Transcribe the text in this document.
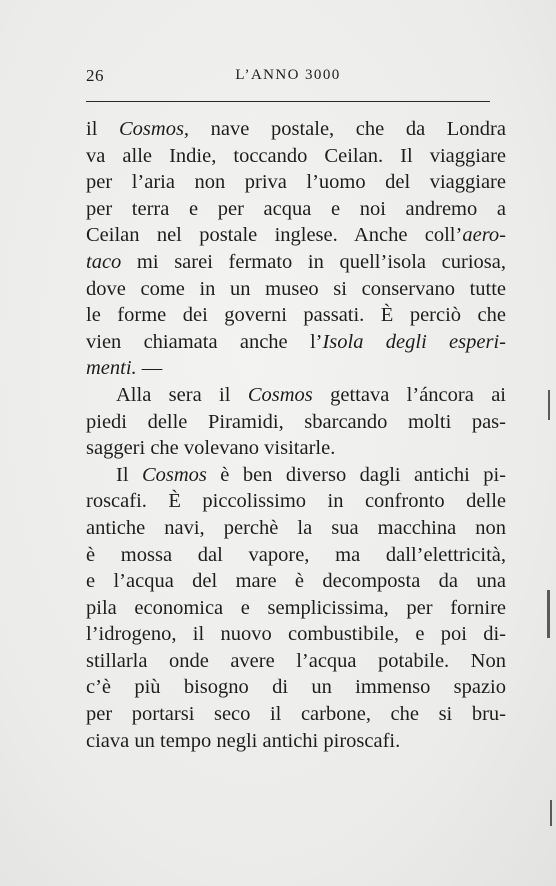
26	L’ANNO 3000
il Cosmos, nave postale, che da Londra
va alle Indie, toccando Ceilan. Il viaggiare
per l’aria non priva l’uomo del viaggiare
per terra e per acqua e noi andremo a
Ceilan nel postale inglese. Anche coll’aero-
taco mi sarei fermato in quell’isola curiosa,
dove come in un museo si conservano tutte
le forme dei governi passati. È perciò che
vien chiamata anche l’Isola degli esperi-
menti. —
Alla sera il Cosmos gettava l’áncora ai
piedi delle Piramidi, sbarcando molti pas-
saggeri che volevano visitarle.
Il Cosmos è ben diverso dagli antichi pi-
roscafi. È piccolissimo in confronto delle
antiche navi, perchè la sua macchina non
è mossa dal vapore, ma dall’elettricità,
e l’acqua del mare è decomposta da una
pila economica e semplicissima, per fornire
l’idrogeno, il nuovo combustibile, e poi di-
stillarla onde avere l’acqua potabile. Non
c’è più bisogno di un immenso spazio
per portarsi seco il carbone, che si bru-
ciava un tempo negli antichi piroscafi.
